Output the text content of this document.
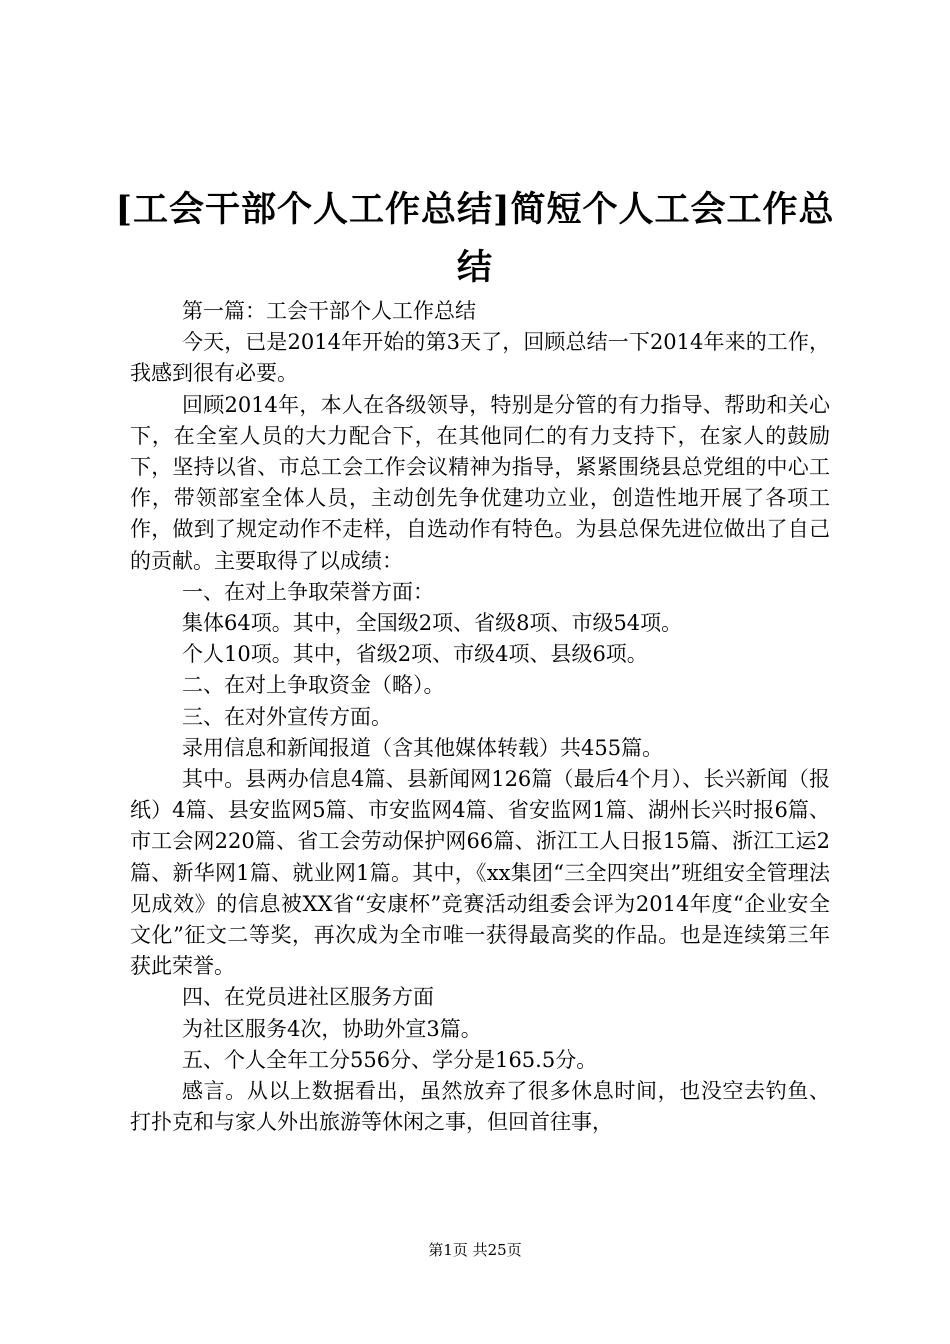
[工会干部个人工作总结]简短个人工会工作总
结

第一篇：工会干部个人工作总结

今天，已是2014年开始的第3天了，回顾总结一下2014年来的工作，我感到很有必要。

回顾2014年，本人在各级领导，特别是分管的有力指导、帮助和关心下，在全室人员的大力配合下，在其他同仁的有力支持下，在家人的鼓励下，坚持以省、市总工会工作会议精神为指导，紧紧围绕县总党组的中心工作，带领部室全体人员，主动创先争优建功立业，创造性地开展了各项工作，做到了规定动作不走样，自选动作有特色。为县总保先进位做出了自己的贡献。主要取得了以成绩：

一、在对上争取荣誉方面：

集体64项。其中，全国级2项、省级8项、市级54项。

个人10项。其中，省级2项、市级4项、县级6项。

二、在对上争取资金（略）。

三、在对外宣传方面。

录用信息和新闻报道（含其他媒体转载）共455篇。

其中。县两办信息4篇、县新闻网126篇（最后4个月）、长兴新闻（报纸）4篇、县安监网5篇、市安监网4篇、省安监网1篇、湖州长兴时报6篇、市工会网220篇、省工会劳动保护网66篇、浙江工人日报15篇、浙江工运2篇、新华网1篇、就业网1篇。其中，《xx集团“三全四突出”班组安全管理法见成效》的信息被XX省“安康杯”竞赛活动组委会评为2014年度“企业安全文化”征文二等奖，再次成为全市唯一获得最高奖的作品。也是连续第三年获此荣誉。

四、在党员进社区服务方面

为社区服务4次，协助外宣3篇。

五、个人全年工分556分、学分是165.5分。

感言。从以上数据看出，虽然放弃了很多休息时间，也没空去钓鱼、打扑克和与家人外出旅游等休闲之事，但回首往事，

第1页 共25页
